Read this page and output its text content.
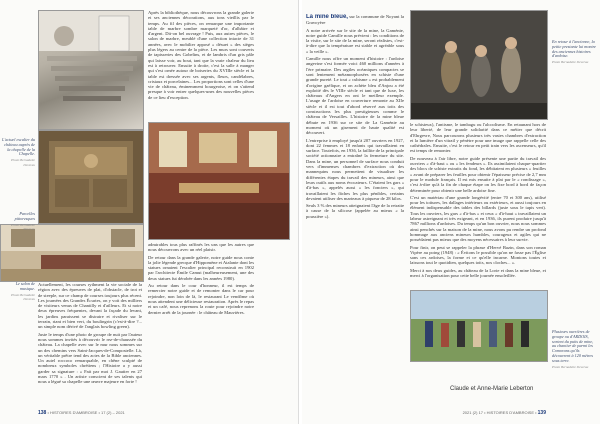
L'actuel escalier du château auprès de la chapelle de la Chapelle.
Photo Bernadette Deverau
Parcelles pittoresques
Photo Bernadette Deverau
Le salon de musique.
Photo Bernadette Deverau

Actuellement, les courses rythment la vie sociale de la région avec des épreuves de plat, d'obstacle, de trot et de steeple, sur ce champ de courses toujours plus récent. Les journées des Grandes Écuries, on y voit des milliers de visiteurs venus de Chantilly et d'ailleurs. Et si notre deux épreuves fréquentes, devant la façade du levant, les jardins paraissent se distraire et rivaliser sur le terrain, riant et bien vert, du boulingrin (c'est-à-dire ?... un simple nom dérivé de l'anglais bowling green).

Juste le temps d'une photo de groupe de nuit par l'auteur nous sommes invités à découvrir le rez-de-chaussée du château. La chapelle avec sur le mur nous sommes sur un des chemins vers Saint-Jacques-de-Compostelle. Là, un véritable prêtre tend des actes de la Bible anciennes. Un autel roccoco remarquable, en chêne sculpté de nombreux symboles chrétiens ; l'Histoire a y aussi garder sa signature : « Fait par moi J. Gautier en 27 mars 1770 » . Un artiste conscient de ses talents qui nous a légué sa chapelle une œuvre majeure en forte !

Après la bibliothèque, nous découvrons la grande galerie et ses anciennes décorations, aux tons vieillis par le temps. Au fil des pièces, on remarque une importante table de marbre sombre marqueté d'or, d'albâtre et d'argent. Dit-on bel ouvrage ! Puis, aux autres pièces, le salon de marbre, meublé d'une collection intacte de 31 années, avec le mobilier apposé « désuet » des sièges plus légers au centre de la pièce. Les murs sont couverts de tapisseries des Gobelins, et de lambris d'un gris pâle qui laisse voir, au bout, tant que la vraie chaleur du lieu est à retrouver. Ensuite à droite, c'est la salle à manger qui s'est ornée autour de boiseries du XVIIIe siècle et la table est dressée avec ses argents, fleurs, candélabres, cristaux et porcelaines... Les proportions sont celles d'une vie de château, éminemment bourgeoise, et on s'attend presque à voir entrer quelques-unes des nouvelles pièces de ce lieu d'exception.

admirables tous plus raffinés les uns que les autres que nous découvrons avec un réel plaisir.

De retour dans la grande galerie, notre guide nous conte la jolie légende grecque d'Hippomène et Atalante dont les statues ornaient l'escalier principal reconstruit en 1902 par l'architecte Émile Camut (malheureusement, une des deux statues fut dérobée dans les années 1980).

Au retour dans le cour d'honneur, il est temps de remercier notre guide et de remonter dans le car pour rejoindre, non loin de là, le restaurant Le vendôme où nous attendent une délicieuse restauration. Après le repas et un café, nous reprenons la route pour rejoindre notre dernier arrêt de la journée : le château de Mauvières.

138 • HISTOIRES D'AMBROISE • 17 (2) – 2021

La mine bleue, sur la commune de Noyant la Gravoyère

A notre arrivée sur le site de la mine, la Gaménie, notre guide Camille nous prévient : les conditions de la visite, sur le site de la mine, seront réalistes, c'est-à-dire que la température est stable et agréable sous « la veille ».

Camille nous offre un moment d'histoire : l'ardoise angevine s'est formée voici 460 millions d'années à l'ère primaire. Des argiles océaniques compactes se sont lentement métamorphosées en schiste d'une grande pureté. Le tout « cubisme » est probablement d'origine gaélique, et on achète bleu d'Anjou a été exploité dès le VIIIe siècle et tant que de luxe, les châteaux d'Angers en ont le meilleur exemple. L'usage de l'ardoise en couverture remonte au XIIe siècle et il est tout d'abord réservé aux toits des constructions les plus prestigieuses comme le château de Versailles. L'histoire de la mine bleue débute en 1936 sur ce site de La Gaménie au moment où un gisement de haute qualité est découvert.

L'entreprise à employé jusqu'à 207 ouvriers en 1927, dont 22 femmes et 18 enfants qui travaillaient en surface. Toutefois, en 1936, la faillite de la principale société actionnaire a entraîné la fermeture du site. Dans la mine, un personnel de surface nous conduit vers d'immenses chambres d'extraction où des mannequins nous permettent de visualiser les différentes étapes du travail des mineurs, ainsi que leurs outils aux noms évocateurs. C'étaient les gars « d'à-bas », appelés aussi « les fonciers », qui travaillaient les fâches les plus pénibles, certains devaient utiliser des marteaux à piqueur de 28 kilos.

Seuls 3 % des mineurs atteignaient l'âge de la retraite à cause de la silicose (appelée au mieux « la poussière »).

le schisteux), l'antisme, le tambagu ou l'alcoolisme. En retaunant hors de leur liberté, de leur grande solidarité dans ce métier que décrit d'Ehrgevre, Nous parcourons plusieurs très vastes chambres d'extraction et la lumière d'un vitrail y pénètre pour une image que rappelle celle des cathédrales. Ensuite, c'est le retour en petit train vers les ascenseurs, qu'il est temps de remonter.

De nouveau à l'air libre, notre guide présente une partie du travail des ouvriers « d'à-haut » ou « les fendeurs ». Ils assimilaient chaque-quartier des blocs de schiste extraits du fond, les débitaient en plusieurs « feuilles » avant de préparer les feuilles pour obtenir l'épaisseur précise de 2,7 mm pour le module français. Il est mis ensuite à plat par le « rondissage », c'est à-dire qu'à la fin de chaque étape on les fixe bord à bord de façon déterminée pour obtenir une belle ardoise fine.

C'est un matériau d'une grande longévité (entre 70 et 300 ans), utilisé pour les toitures, les dallages intérieurs ou extérieurs, et aussi toujours en élément indispensable des tables des billards (juste sous le tapis vert). Tous les ouvriers, les gars « d'à-bas » et ceux « d'à-haut » travaillaient un labeur astreignant et très exigeant, et en 1936, ils purent produire jusqu'à 7867 millions d'ardoises. Du temps qu'un bon ouvrier, nous nous sommes ainsi penchés sur la maison de la mine, nous avons pu rendre un profond hommage aux anciens mineurs humbles, courageux et agiles qui ne possédaient pas mieux que des moyens nécessaires à leur survie.

Pour finir, on peut se rappeler la phrase d'Hervé Bazin, dans son roman Vipère au poing (1948) : « Évitons le possible qu'on ne fasse pas l'Église sans ces ardoises, la forme et ce qu'elle incarne. Montons toutes et laissons tout le quotidien, quelques toits, nos cloches... ».

Merci à nos deux guides, au château de la Lorie et dans la mine bleue, et merci à l'organisation pour cette belle journée ensoleillée.

Claude et Anne-Marie Leberton
En retour à l'ancienne, la petite prestante lui montre des anciennes histoires d'ardoise.
Photo Bernadette Deverau
Plusieurs ouvrières de groupe ou d'ARDOIS, sortent du puits de mine, au chantier de parmi les Comorans qu'ils découvrent à 120 mètres sous terre.
Photo Bernadette Deverau
2021 (2) 17 • HISTOIRES D'AMBROISE • 139
